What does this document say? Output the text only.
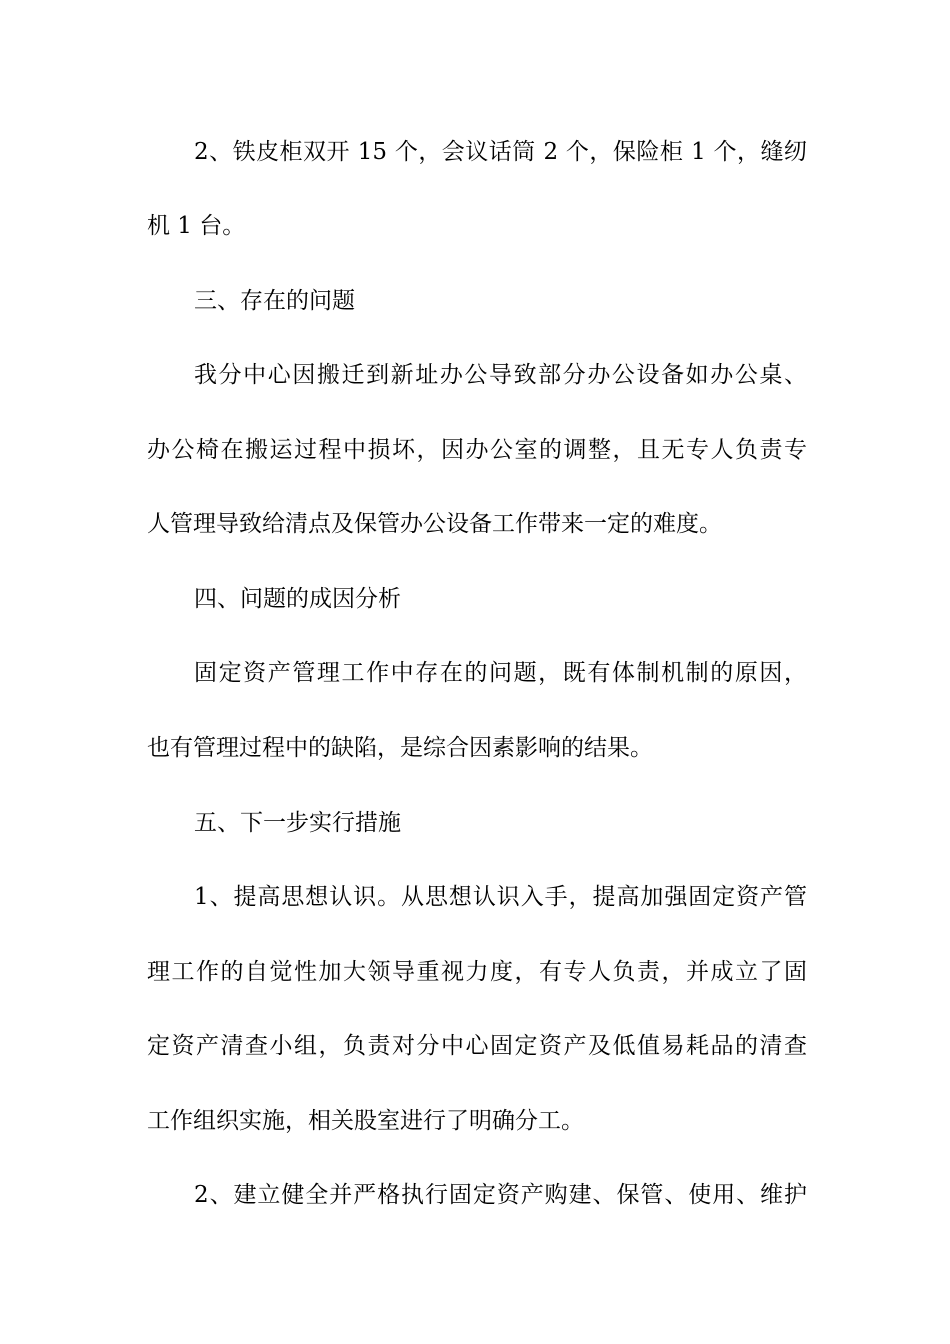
2、铁皮柜双开 15 个，会议话筒 2 个，保险柜 1 个，缝纫
机 1 台。
三、存在的问题
我分中心因搬迁到新址办公导致部分办公设备如办公桌、
办公椅在搬运过程中损坏，因办公室的调整，且无专人负责专
人管理导致给清点及保管办公设备工作带来一定的难度。
四、问题的成因分析
固定资产管理工作中存在的问题，既有体制机制的原因，
也有管理过程中的缺陷，是综合因素影响的结果。
五、下一步实行措施
1、提高思想认识。从思想认识入手，提高加强固定资产管
理工作的自觉性加大领导重视力度，有专人负责，并成立了固
定资产清查小组，负责对分中心固定资产及低值易耗品的清查
工作组织实施，相关股室进行了明确分工。
2、建立健全并严格执行固定资产购建、保管、使用、维护
